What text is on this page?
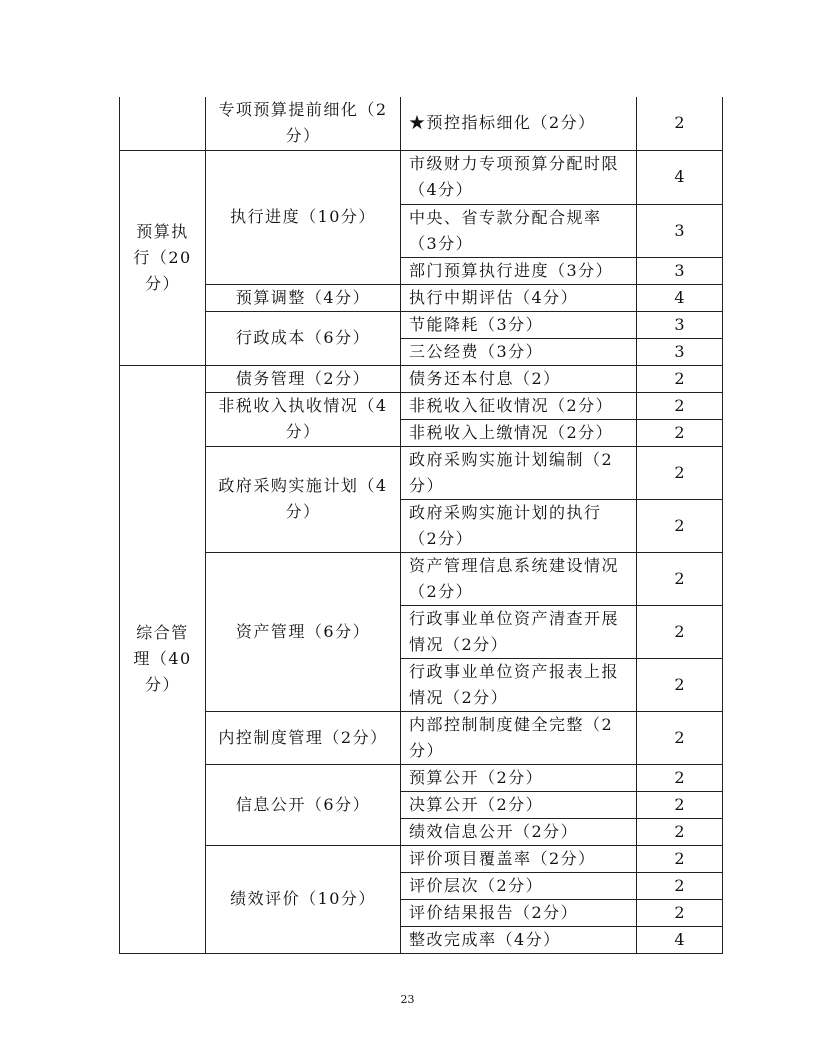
	专项预算提前细化（2分）	★预控指标细化（2分）	2
预算执行（20分）	执行进度（10分）	市级财力专项预算分配时限（4分）	4
		中央、省专款分配合规率（3分）	3
		部门预算执行进度（3分）	3
	预算调整（4分）	执行中期评估（4分）	4
	行政成本（6分）	节能降耗（3分）	3
		三公经费（3分）	3
综合管理（40分）	债务管理（2分）	债务还本付息（2）	2
	非税收入执收情况（4分）	非税收入征收情况（2分）	2
		非税收入上缴情况（2分）	2
	政府采购实施计划（4分）	政府采购实施计划编制（2分）	2
		政府采购实施计划的执行（2分）	2
	资产管理（6分）	资产管理信息系统建设情况（2分）	2
		行政事业单位资产清查开展情况（2分）	2
		行政事业单位资产报表上报情况（2分）	2
	内控制度管理（2分）	内部控制制度健全完整（2分）	2
	信息公开（6分）	预算公开（2分）	2
		决算公开（2分）	2
		绩效信息公开（2分）	2
	绩效评价（10分）	评价项目覆盖率（2分）	2
		评价层次（2分）	2
		评价结果报告（2分）	2
		整改完成率（4分）	4
23
